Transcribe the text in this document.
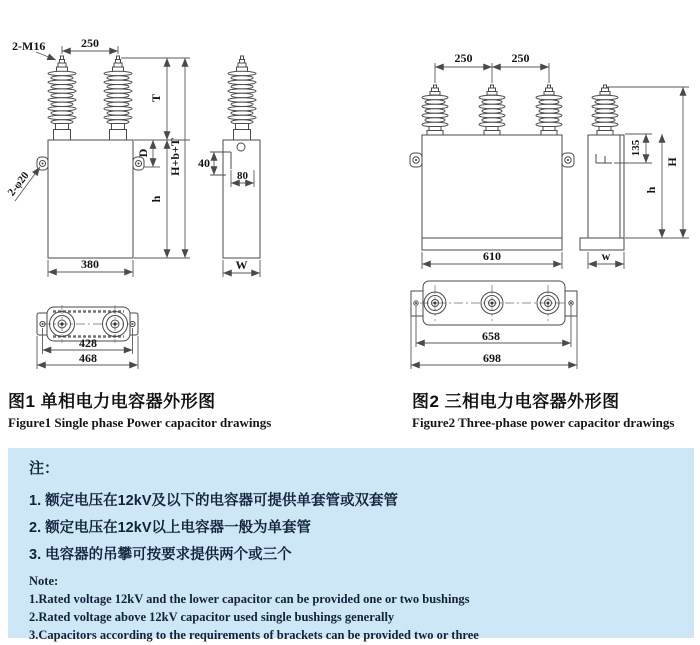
2-M16	250
T
H+b+T
D
h
380
2-φ20
40
80
W
428
468
250	250
610
135
h
H
w
658
698
图1 单相电力电容器外形图
Figure1 Single phase Power capacitor drawings
图2 三相电力电容器外形图
Figure2 Three-phase power capacitor drawings
注：
1. 额定电压在12kV及以下的电容器可提供单套管或双套管
2. 额定电压在12kV以上电容器一般为单套管
3. 电容器的吊攀可按要求提供两个或三个
Note:
1.Rated voltage 12kV and the lower capacitor can be provided one or two bushings
2.Rated voltage above 12kV capacitor used single bushings generally
3.Capacitors according to the requirements of brackets can be provided two or three
